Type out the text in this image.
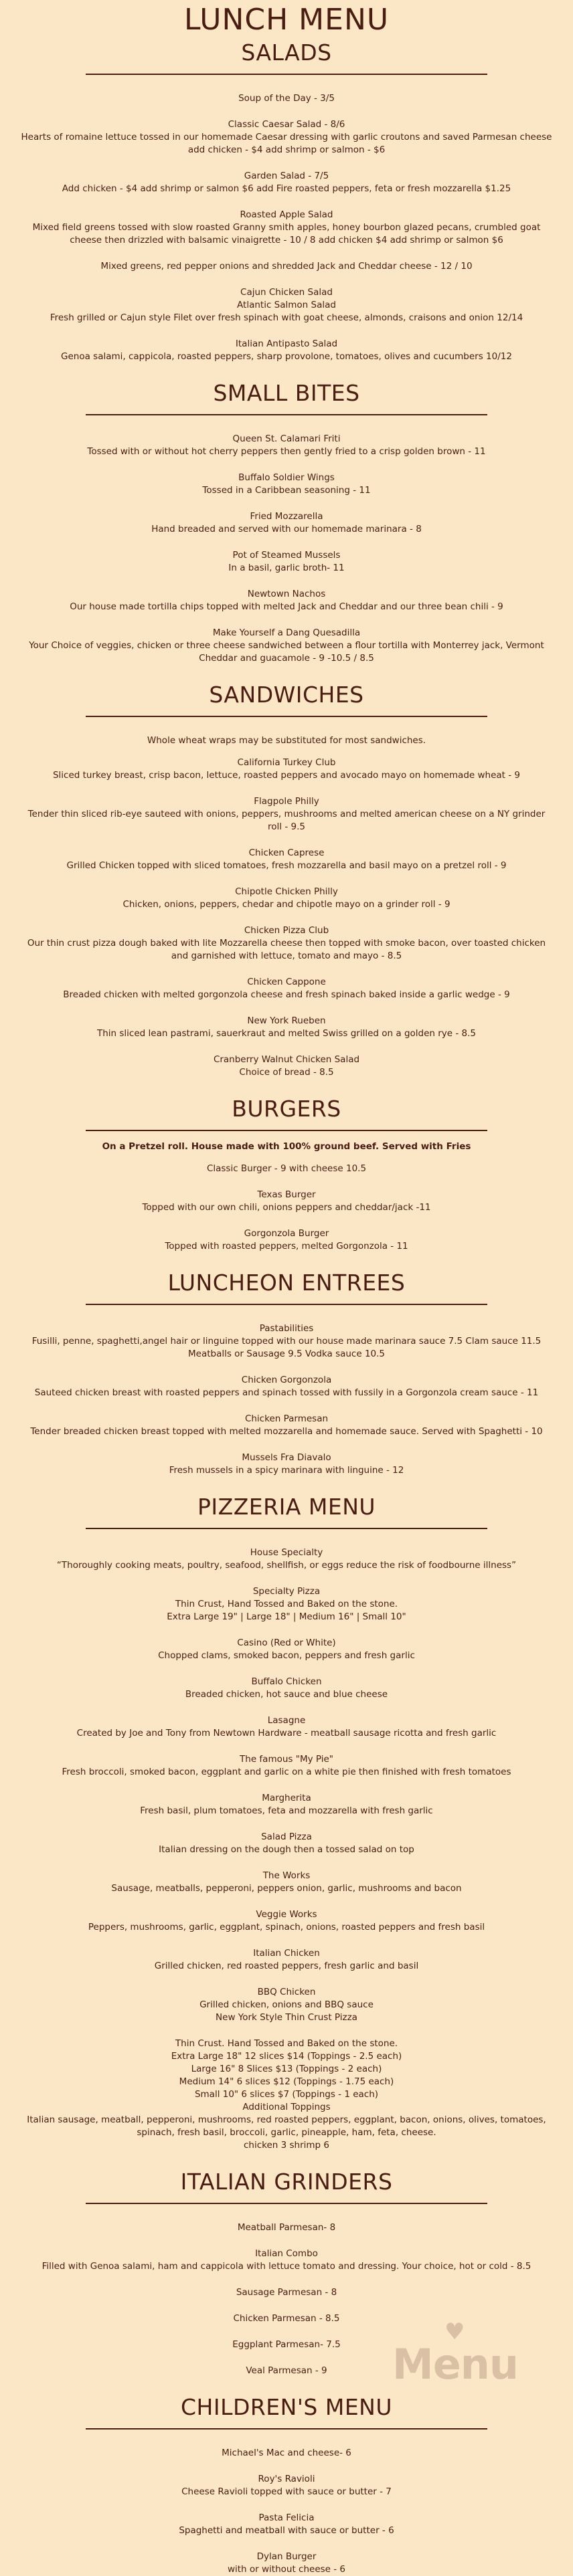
LUNCH MENU
SALADS
Soup of the Day - 3/5
Classic Caesar Salad - 8/6
Hearts of romaine lettuce tossed in our homemade Caesar dressing with garlic croutons and saved Parmesan cheese add chicken - $4 add shrimp or salmon - $6
Garden Salad - 7/5
Add chicken - $4 add shrimp or salmon $6 add Fire roasted peppers, feta or fresh mozzarella $1.25
Roasted Apple Salad
Mixed field greens tossed with slow roasted Granny smith apples, honey bourbon glazed pecans, crumbled goat cheese then drizzled with balsamic vinaigrette - 10 / 8 add chicken $4 add shrimp or salmon $6
Mixed greens, red pepper onions and shredded Jack and Cheddar cheese - 12 / 10
Cajun Chicken Salad
Atlantic Salmon Salad
Fresh grilled or Cajun style Filet over fresh spinach with goat cheese, almonds, craisons and onion 12/14
Italian Antipasto Salad
Genoa salami, cappicola, roasted peppers, sharp provolone, tomatoes, olives and cucumbers 10/12
SMALL BITES
Queen St. Calamari Friti
Tossed with or without hot cherry peppers then gently fried to a crisp golden brown - 11
Buffalo Soldier Wings
Tossed in a Caribbean seasoning - 11
Fried Mozzarella
Hand breaded and served with our homemade marinara - 8
Pot of Steamed Mussels
In a basil, garlic broth- 11
Newtown Nachos
Our house made tortilla chips topped with melted Jack and Cheddar and our three bean chili - 9
Make Yourself a Dang Quesadilla
Your Choice of veggies, chicken or three cheese sandwiched between a flour tortilla with Monterrey jack, Vermont Cheddar and guacamole - 9 -10.5 / 8.5
SANDWICHES
Whole wheat wraps may be substituted for most sandwiches.
California Turkey Club
Sliced turkey breast, crisp bacon, lettuce, roasted peppers and avocado mayo on homemade wheat - 9
Flagpole Philly
Tender thin sliced rib-eye sauteed with onions, peppers, mushrooms and melted american cheese on a NY grinder roll - 9.5
Chicken Caprese
Grilled Chicken topped with sliced tomatoes, fresh mozzarella and basil mayo on a pretzel roll - 9
Chipotle Chicken Philly
Chicken, onions, peppers, chedar and chipotle mayo on a grinder roll - 9
Chicken Pizza Club
Our thin crust pizza dough baked with lite Mozzarella cheese then topped with smoke bacon, over toasted chicken and garnished with lettuce, tomato and mayo - 8.5
Chicken Cappone
Breaded chicken with melted gorgonzola cheese and fresh spinach baked inside a garlic wedge - 9
New York Rueben
Thin sliced lean pastrami, sauerkraut and melted Swiss grilled on a golden rye - 8.5
Cranberry Walnut Chicken Salad
Choice of bread - 8.5
BURGERS
On a Pretzel roll. House made with 100% ground beef. Served with Fries
Classic Burger - 9 with cheese 10.5
Texas Burger
Topped with our own chili, onions peppers and cheddar/jack -11
Gorgonzola Burger
Topped with roasted peppers, melted Gorgonzola - 11
LUNCHEON ENTREES
Pastabilities
Fusilli, penne, spaghetti,angel hair or linguine topped with our house made marinara sauce 7.5 Clam sauce 11.5 Meatballs or Sausage 9.5 Vodka sauce 10.5
Chicken Gorgonzola
Sauteed chicken breast with roasted peppers and spinach tossed with fussily in a Gorgonzola cream sauce - 11
Chicken Parmesan
Tender breaded chicken breast topped with melted mozzarella and homemade sauce. Served with Spaghetti - 10
Mussels Fra Diavalo
Fresh mussels in a spicy marinara with linguine - 12
PIZZERIA MENU
House Specialty
“Thoroughly cooking meats, poultry, seafood, shellfish, or eggs reduce the risk of foodbourne illness”
Specialty Pizza
Thin Crust, Hand Tossed and Baked on the stone.
Extra Large 19" | Large 18" | Medium 16" | Small 10"
Casino (Red or White)
Chopped clams, smoked bacon, peppers and fresh garlic
Buffalo Chicken
Breaded chicken, hot sauce and blue cheese
Lasagne
Created by Joe and Tony from Newtown Hardware - meatball sausage ricotta and fresh garlic
The famous "My Pie"
Fresh broccoli, smoked bacon, eggplant and garlic on a white pie then finished with fresh tomatoes
Margherita
Fresh basil, plum tomatoes, feta and mozzarella with fresh garlic
Salad Pizza
Italian dressing on the dough then a tossed salad on top
The Works
Sausage, meatballs, pepperoni, peppers onion, garlic, mushrooms and bacon
Veggie Works
Peppers, mushrooms, garlic, eggplant, spinach, onions, roasted peppers and fresh basil
Italian Chicken
Grilled chicken, red roasted peppers, fresh garlic and basil
BBQ Chicken
Grilled chicken, onions and BBQ sauce
New York Style Thin Crust Pizza
Thin Crust. Hand Tossed and Baked on the stone.
Extra Large 18" 12 slices $14 (Toppings - 2.5 each)
Large 16" 8 Slices $13 (Toppings - 2 each)
Medium 14" 6 slices $12 (Toppings - 1.75 each)
Small 10" 6 slices $7 (Toppings - 1 each)
Additional Toppings
Italian sausage, meatball, pepperoni, mushrooms, red roasted peppers, eggplant, bacon, onions, olives, tomatoes, spinach, fresh basil, broccoli, garlic, pineapple, ham, feta, cheese.
chicken 3 shrimp 6
ITALIAN GRINDERS
Meatball Parmesan- 8
Italian Combo
Filled with Genoa salami, ham and cappicola with lettuce tomato and dressing. Your choice, hot or cold - 8.5
Sausage Parmesan - 8
Chicken Parmesan - 8.5
Eggplant Parmesan- 7.5
Veal Parmesan - 9
CHILDREN'S MENU
Michael's Mac and cheese- 6
Roy's Ravioli
Cheese Ravioli topped with sauce or butter - 7
Pasta Felicia
Spaghetti and meatball with sauce or butter - 6
Dylan Burger
with or without cheese - 6
♥
Menu
